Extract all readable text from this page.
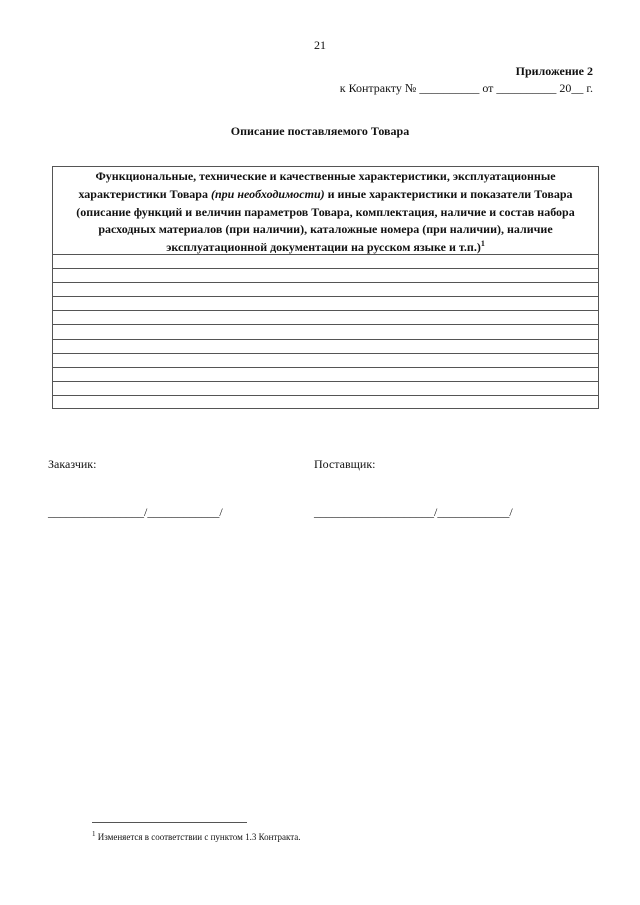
21
Приложение 2
к Контракту № __________ от __________ 20__ г.
Описание поставляемого Товара
Функциональные, технические и качественные характеристики, эксплуатационные характеристики Товара (при необходимости) и иные характеристики и показатели Товара (описание функций и величин параметров Товара, комплектация, наличие и состав набора расходных материалов (при наличии), каталожные номера (при наличии), наличие эксплуатационной документации на русском языке и т.п.)$^1$
Заказчик:	Поставщик:
________________/____________/	____________________/____________/
$^1$ Изменяется в соответствии с пунктом 1.3 Контракта.
